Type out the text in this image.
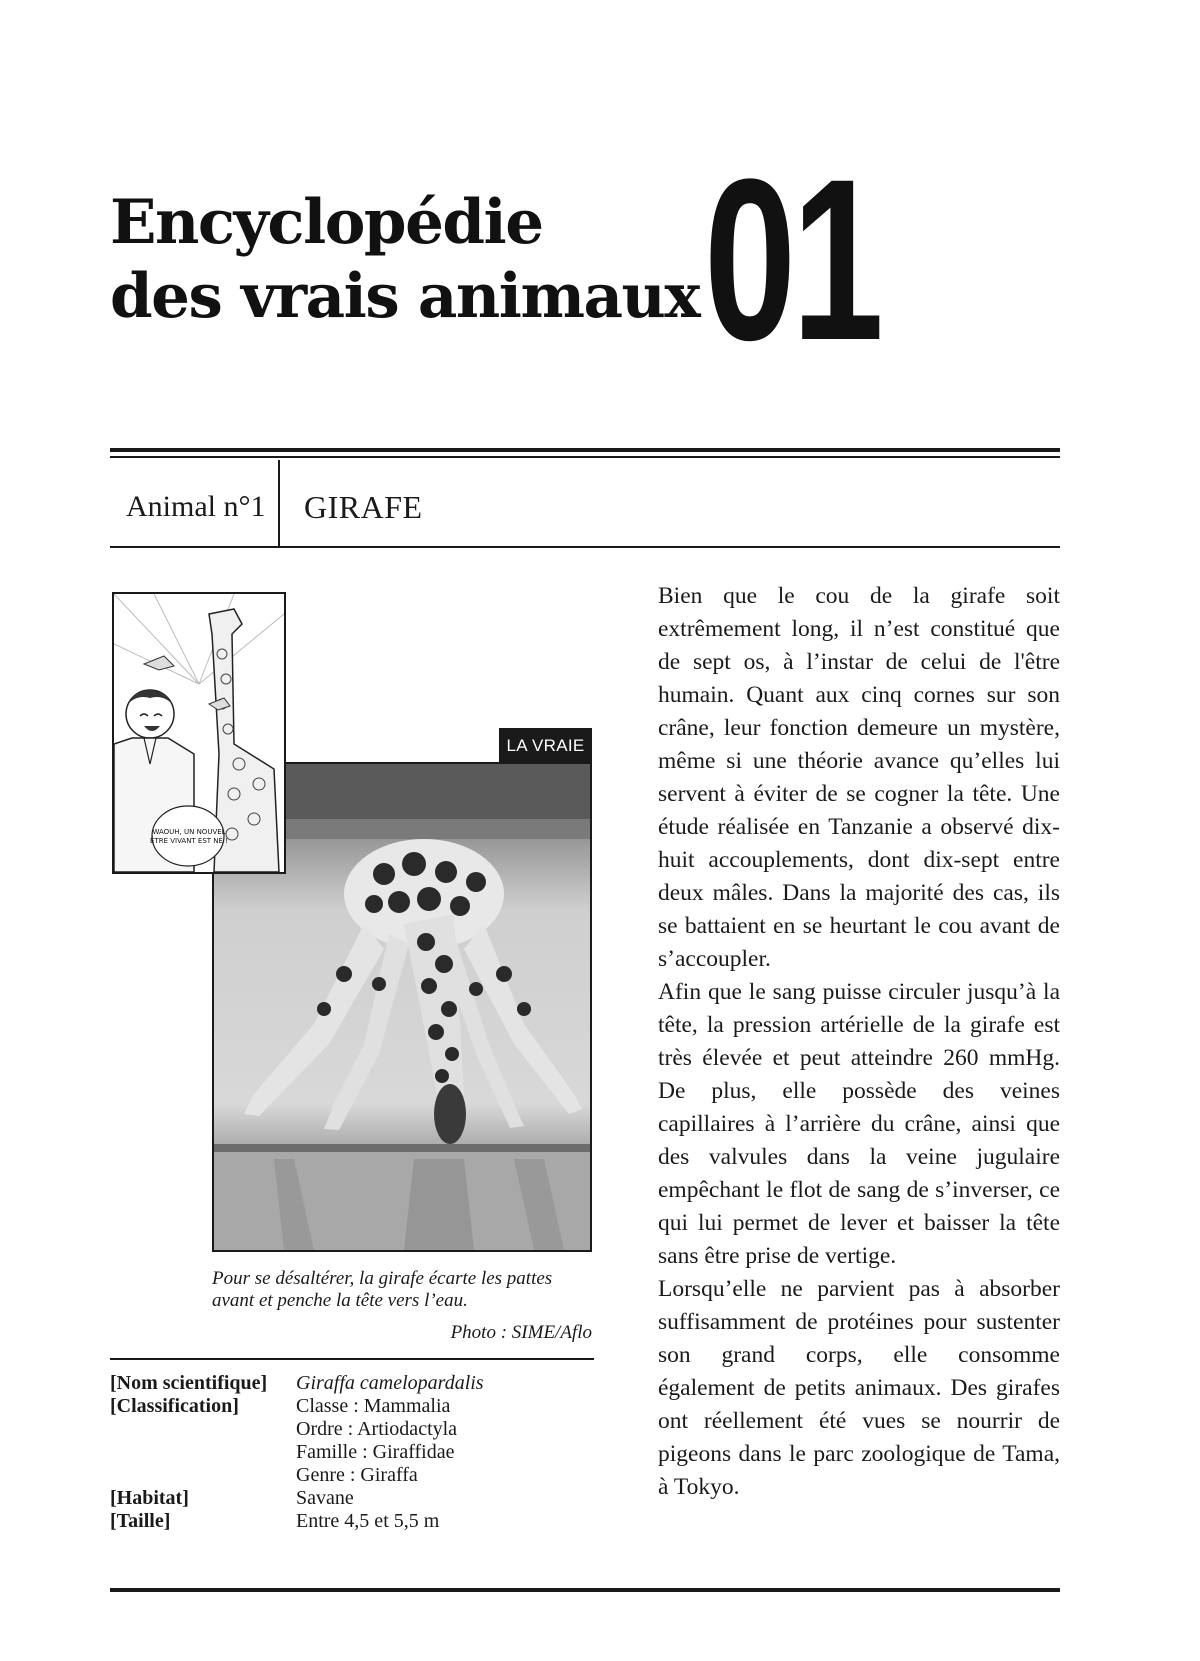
Encyclopédie
des vrais animaux 01
Animal n°1 GIRAFE
LA VRAIE
WAOUH, UN NOUVEL ÊTRE VIVANT EST NÉ !
Pour se désaltérer, la girafe écarte les pattes
avant et penche la tête vers l’eau.
Photo : SIME/Aflo
[Nom scientifique]	Giraffa camelopardalis
[Classification]	Classe : Mammalia
Ordre : Artiodactyla
Famille : Giraffidae
Genre : Giraffa
[Habitat]	Savane
[Taille]	Entre 4,5 et 5,5 m

Bien que le cou de la girafe soit extrêmement long, il n’est constitué que de sept os, à l’instar de celui de l'être humain. Quant aux cinq cornes sur son crâne, leur fonction demeure un mystère, même si une théorie avance qu’elles lui servent à éviter de se cogner la tête. Une étude réalisée en Tanzanie a observé dix-huit accouplements, dont dix-sept entre deux mâles. Dans la majorité des cas, ils se battaient en se heurtant le cou avant de s’accoupler.

Afin que le sang puisse circuler jusqu’à la tête, la pression artérielle de la girafe est très élevée et peut atteindre 260 mmHg. De plus, elle possède des veines capillaires à l’arrière du crâne, ainsi que des valvules dans la veine jugulaire empêchant le flot de sang de s’inverser, ce qui lui permet de lever et baisser la tête sans être prise de vertige.

Lorsqu’elle ne parvient pas à absorber suffisamment de protéines pour sustenter son grand corps, elle consomme également de petits animaux. Des girafes ont réellement été vues se nourrir de pigeons dans le parc zoologique de Tama, à Tokyo.
